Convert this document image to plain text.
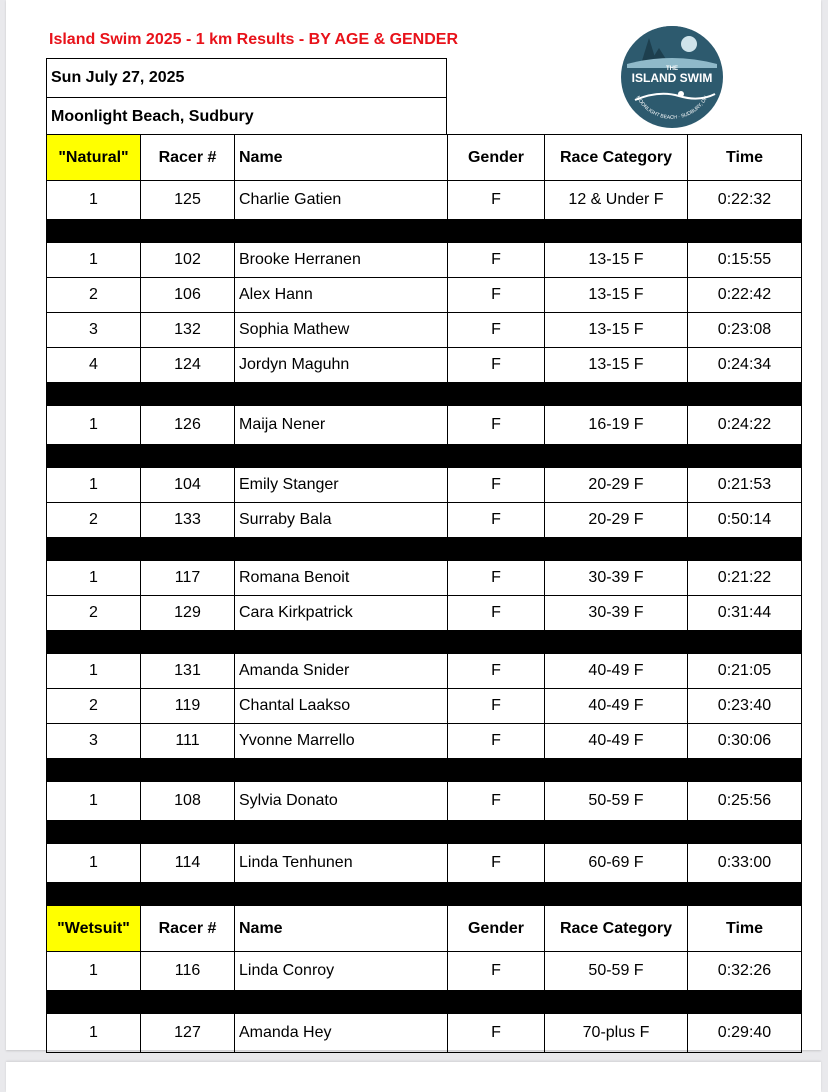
Island Swim 2025 - 1 km Results - BY AGE & GENDER
Sun July 27, 2025
Moonlight Beach, Sudbury
THE
ISLAND SWIM
MOONLIGHT BEACH · SUDBURY, ON
"Natural"	Racer #	Name	Gender	Race Category	Time
1	125	Charlie Gatien	F	12 & Under F	0:22:32

1	102	Brooke Herranen	F	13-15 F	0:15:55
2	106	Alex Hann	F	13-15 F	0:22:42
3	132	Sophia Mathew	F	13-15 F	0:23:08
4	124	Jordyn Maguhn	F	13-15 F	0:24:34

1	126	Maija Nener	F	16-19 F	0:24:22

1	104	Emily Stanger	F	20-29 F	0:21:53
2	133	Surraby Bala	F	20-29 F	0:50:14

1	117	Romana Benoit	F	30-39 F	0:21:22
2	129	Cara Kirkpatrick	F	30-39 F	0:31:44

1	131	Amanda Snider	F	40-49 F	0:21:05
2	119	Chantal Laakso	F	40-49 F	0:23:40
3	111	Yvonne Marrello	F	40-49 F	0:30:06

1	108	Sylvia Donato	F	50-59 F	0:25:56

1	114	Linda Tenhunen	F	60-69 F	0:33:00

"Wetsuit"	Racer #	Name	Gender	Race Category	Time
1	116	Linda Conroy	F	50-59 F	0:32:26

1	127	Amanda Hey	F	70-plus F	0:29:40
